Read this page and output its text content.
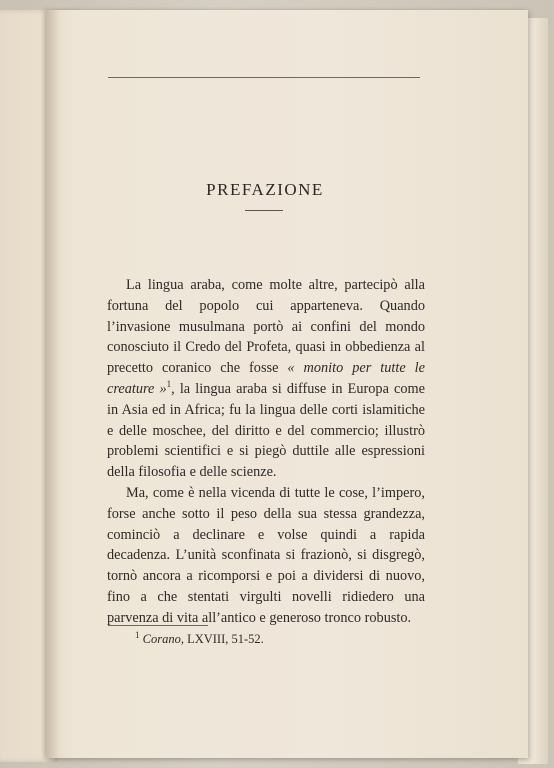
PREFAZIONE

La lingua araba, come molte altre, partecipò alla fortuna del popolo cui apparteneva. Quando l’invasione musulmana portò ai confini del mondo conosciuto il Credo del Profeta, quasi in obbedienza al precetto coranico che fosse « monito per tutte le creature »$^1$, la lingua araba si diffuse in Europa come in Asia ed in Africa; fu la lingua delle corti islamitiche e delle moschee, del diritto e del commercio; illustrò problemi scientifici e si piegò duttile alle espressioni della filosofia e delle scienze.

Ma, come è nella vicenda di tutte le cose, l’impero, forse anche sotto il peso della sua stessa grandezza, cominciò a declinare e volse quindi a rapida decadenza. L’unità sconfinata si frazionò, si disgregò, tornò ancora a ricomporsi e poi a dividersi di nuovo, fino a che stentati virgulti novelli ridiedero una parvenza di vita all’antico e generoso tronco robusto.

$^1$ Corano, LXVIII, 51-52.
